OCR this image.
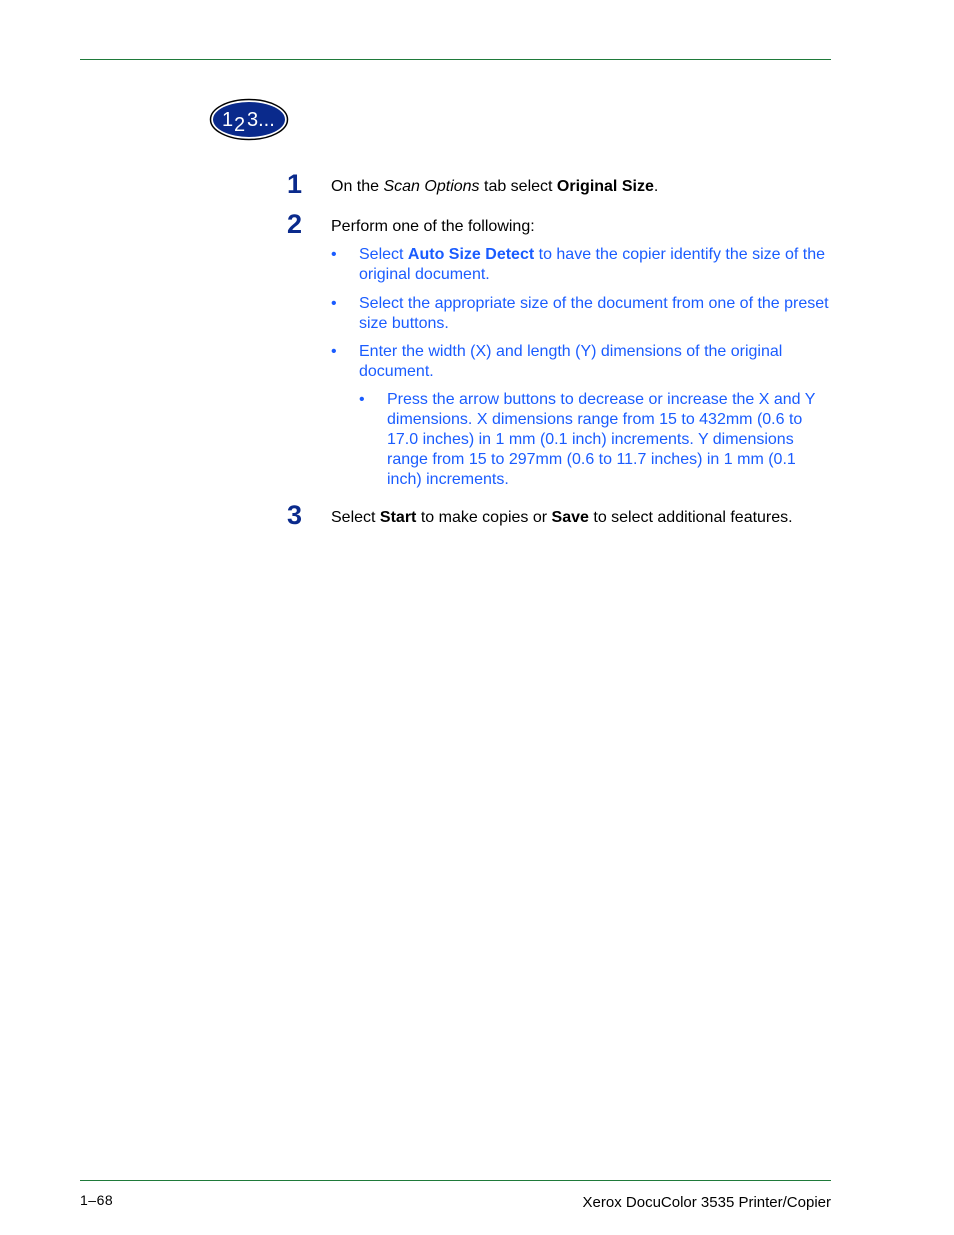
1 2 3...
1 On the Scan Options tab select Original Size.
2 Perform one of the following:
• Select Auto Size Detect to have the copier identify the size of the original document.
• Select the appropriate size of the document from one of the preset size buttons.
• Enter the width (X) and length (Y) dimensions of the original document.
• Press the arrow buttons to decrease or increase the X and Y dimensions. X dimensions range from 15 to 432mm (0.6 to 17.0 inches) in 1 mm (0.1 inch) increments. Y dimensions range from 15 to 297mm (0.6 to 11.7 inches) in 1 mm (0.1 inch) increments.
3 Select Start to make copies or Save to select additional features.
1–68	Xerox DocuColor 3535 Printer/Copier
